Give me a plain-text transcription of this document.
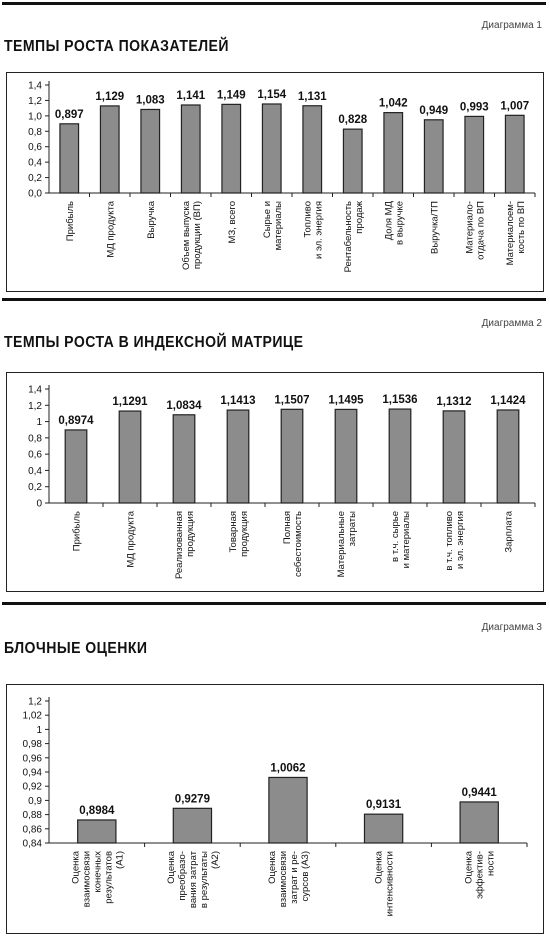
Диаграмма 1
ТЕМПЫ РОСТА ПОКАЗАТЕЛЕЙ
0,0
0,2
0,4
0,6
0,8
1,0
1,2
1,4
0,897
Прибыль
1,129
МД продукта
1,083
Выручка
1,141
Объем выпуска продукции (ВП)
1,149
МЗ, всего
1,154
Сырье и материалы
1,131
Топливо и эл. энергия
0,828
Рентабельность продаж
1,042
Доля МД в выручке
0,949
Выручка/ТП
0,993
Материало- отдача по ВП
1,007
Материалоем- кость по ВП
Диаграмма 2
ТЕМПЫ РОСТА В ИНДЕКСНОЙ МАТРИЦЕ
0
0,2
0,4
0,6
0,8
1
1,2
1,4
0,8974
Прибыль
1,1291
МД продукта
1,0834
Реализованная продукция
1,1413
Товарная продукция
1,1507
Полная себестоимость
1,1495
Материальные затраты
1,1536
в т.ч. сырье и материалы
1,1312
в т.ч. топливо и эл. энергия
1,1424
Зарплата
Диаграмма 3
БЛОЧНЫЕ ОЦЕНКИ
0,84
0,86
0,88
0,9
0,92
0,94
0,96
0,98
1
1,02
1,2
0,8984
Оценка взаимосвязи конечных результатов (А1)
0,9279
Оценка преобразо- вания затрат в результаты (А2)
1,0062
Оценка взаимосвязи затрат и ре- сурсов (А3)
0,9131
Оценка интенсивности
0,9441
Оценка эффектив- ности
